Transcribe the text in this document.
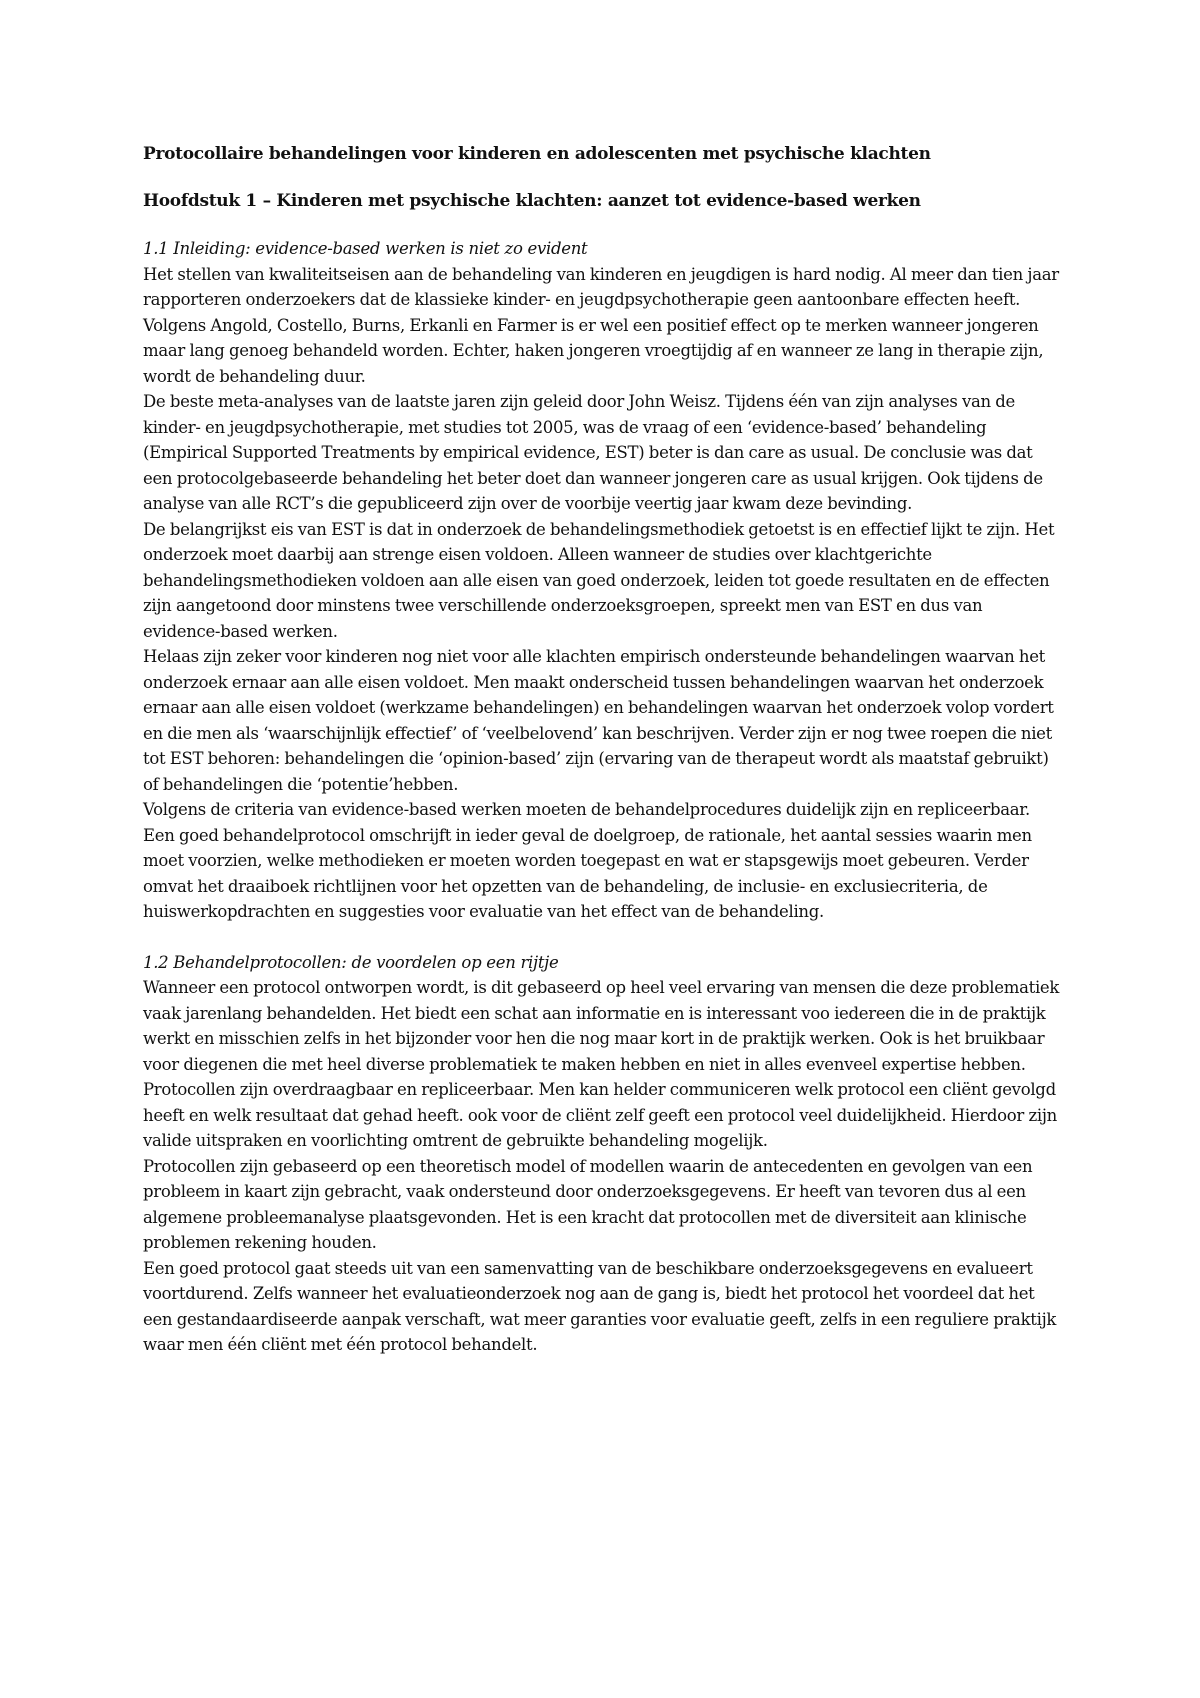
Protocollaire behandelingen voor kinderen en adolescenten met psychische klachten
Hoofdstuk 1 – Kinderen met psychische klachten: aanzet tot evidence-based werken
1.1 Inleiding: evidence-based werken is niet zo evident

Het stellen van kwaliteitseisen aan de behandeling van kinderen en jeugdigen is hard nodig. Al meer dan tien jaar rapporteren onderzoekers dat de klassieke kinder- en jeugdpsychotherapie geen aantoonbare effecten heeft. Volgens Angold, Costello, Burns, Erkanli en Farmer is er wel een positief effect op te merken wanneer jongeren maar lang genoeg behandeld worden. Echter, haken jongeren vroegtijdig af en wanneer ze lang in therapie zijn, wordt de behandeling duur.

De beste meta-analyses van de laatste jaren zijn geleid door John Weisz. Tijdens één van zijn analyses van de kinder- en jeugdpsychotherapie, met studies tot 2005, was de vraag of een ‘evidence-based’ behandeling (Empirical Supported Treatments by empirical evidence, EST) beter is dan care as usual. De conclusie was dat een protocolgebaseerde behandeling het beter doet dan wanneer jongeren care as usual krijgen. Ook tijdens de analyse van alle RCT’s die gepubliceerd zijn over de voorbije veertig jaar kwam deze bevinding.

De belangrijkst eis van EST is dat in onderzoek de behandelingsmethodiek getoetst is en effectief lijkt te zijn. Het onderzoek moet daarbij aan strenge eisen voldoen. Alleen wanneer de studies over klachtgerichte behandelingsmethodieken voldoen aan alle eisen van goed onderzoek, leiden tot goede resultaten en de effecten zijn aangetoond door minstens twee verschillende onderzoeksgroepen, spreekt men van EST en dus van evidence-based werken.

Helaas zijn zeker voor kinderen nog niet voor alle klachten empirisch ondersteunde behandelingen waarvan het onderzoek ernaar aan alle eisen voldoet. Men maakt onderscheid tussen behandelingen waarvan het onderzoek ernaar aan alle eisen voldoet (werkzame behandelingen) en behandelingen waarvan het onderzoek volop vordert en die men als ‘waarschijnlijk effectief’ of ‘veelbelovend’ kan beschrijven. Verder zijn er nog twee roepen die niet tot EST behoren: behandelingen die ‘opinion-based’ zijn (ervaring van de therapeut wordt als maatstaf gebruikt) of behandelingen die ‘potentie’hebben.

Volgens de criteria van evidence-based werken moeten de behandelprocedures duidelijk zijn en repliceerbaar. Een goed behandelprotocol omschrijft in ieder geval de doelgroep, de rationale, het aantal sessies waarin men moet voorzien, welke methodieken er moeten worden toegepast en wat er stapsgewijs moet gebeuren. Verder omvat het draaiboek richtlijnen voor het opzetten van de behandeling, de inclusie- en exclusiecriteria, de huiswerkopdrachten en suggesties voor evaluatie van het effect van de behandeling.

1.2 Behandelprotocollen: de voordelen op een rijtje

Wanneer een protocol ontworpen wordt, is dit gebaseerd op heel veel ervaring van mensen die deze problematiek vaak jarenlang behandelden. Het biedt een schat aan informatie en is interessant voo iedereen die in de praktijk werkt en misschien zelfs in het bijzonder voor hen die nog maar kort in de praktijk werken. Ook is het bruikbaar voor diegenen die met heel diverse problematiek te maken hebben en niet in alles evenveel expertise hebben.

Protocollen zijn overdraagbaar en repliceerbaar. Men kan helder communiceren welk protocol een cliënt gevolgd heeft en welk resultaat dat gehad heeft. ook voor de cliënt zelf geeft een protocol veel duidelijkheid. Hierdoor zijn valide uitspraken en voorlichting omtrent de gebruikte behandeling mogelijk.

Protocollen zijn gebaseerd op een theoretisch model of modellen waarin de antecedenten en gevolgen van een probleem in kaart zijn gebracht, vaak ondersteund door onderzoeksgegevens. Er heeft van tevoren dus al een algemene probleemanalyse plaatsgevonden. Het is een kracht dat protocollen met de diversiteit aan klinische problemen rekening houden.

Een goed protocol gaat steeds uit van een samenvatting van de beschikbare onderzoeksgegevens en evalueert voortdurend. Zelfs wanneer het evaluatieonderzoek nog aan de gang is, biedt het protocol het voordeel dat het een gestandaardiseerde aanpak verschaft, wat meer garanties voor evaluatie geeft, zelfs in een reguliere praktijk waar men één cliënt met één protocol behandelt.
